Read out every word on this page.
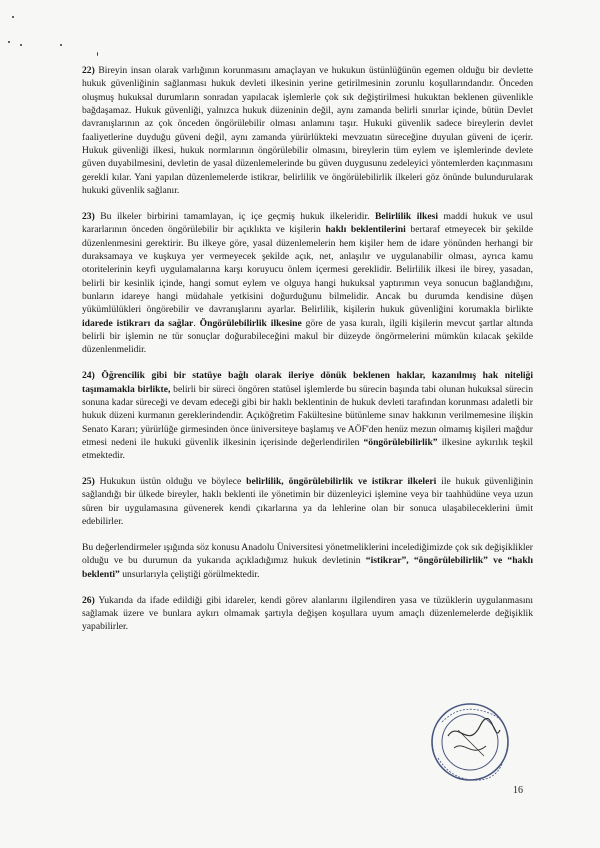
22) Bireyin insan olarak varlığının korunmasını amaçlayan ve hukukun üstünlüğünün egemen olduğu bir devlette hukuk güvenliğinin sağlanması hukuk devleti ilkesinin yerine getirilmesinin zorunlu koşullarındandır. Önceden oluşmuş hukuksal durumların sonradan yapılacak işlemlerle çok sık değiştirilmesi hukuktan beklenen güvenlikle bağdaşamaz. Hukuk güvenliği, yalnızca hukuk düzeninin değil, aynı zamanda belirli sınırlar içinde, bütün Devlet davranışlarının az çok önceden öngörülebilir olması anlamını taşır. Hukuki güvenlik sadece bireylerin devlet faaliyetlerine duyduğu güveni değil, aynı zamanda yürürlükteki mevzuatın süreceğine duyulan güveni de içerir. Hukuk güvenliği ilkesi, hukuk normlarının öngörülebilir olmasını, bireylerin tüm eylem ve işlemlerinde devlete güven duyabilmesini, devletin de yasal düzenlemelerinde bu güven duygusunu zedeleyici yöntemlerden kaçınmasını gerekli kılar. Yani yapılan düzenlemelerde istikrar, belirlilik ve öngörülebilirlik ilkeleri göz önünde bulundurularak hukuki güvenlik sağlanır.

23) Bu ilkeler birbirini tamamlayan, iç içe geçmiş hukuk ilkeleridir. Belirlilik ilkesi maddi hukuk ve usul kararlarının önceden öngörülebilir bir açıklıkta ve kişilerin haklı beklentilerini bertaraf etmeyecek bir şekilde düzenlenmesini gerektirir. Bu ilkeye göre, yasal düzenlemelerin hem kişiler hem de idare yönünden herhangi bir duraksamaya ve kuşkuya yer vermeyecek şekilde açık, net, anlaşılır ve uygulanabilir olması, ayrıca kamu otoritelerinin keyfi uygulamalarına karşı koruyucu önlem içermesi gereklidir. Belirlilik ilkesi ile birey, yasadan, belirli bir kesinlik içinde, hangi somut eylem ve olguya hangi hukuksal yaptırımın veya sonucun bağlandığını, bunların idareye hangi müdahale yetkisini doğurduğunu bilmelidir. Ancak bu durumda kendisine düşen yükümlülükleri öngörebilir ve davranışlarını ayarlar. Belirlilik, kişilerin hukuk güvenliğini korumakla birlikte idarede istikrarı da sağlar. Öngörülebilirlik ilkesine göre de yasa kuralı, ilgili kişilerin mevcut şartlar altında belirli bir işlemin ne tür sonuçlar doğurabileceğini makul bir düzeyde öngörmelerini mümkün kılacak şekilde düzenlenmelidir.

24) Öğrencilik gibi bir statüye bağlı olarak ileriye dönük beklenen haklar, kazanılmış hak niteliği taşımamakla birlikte, belirli bir süreci öngören statüsel işlemlerde bu sürecin başında tabi olunan hukuksal sürecin sonuna kadar süreceği ve devam edeceği gibi bir haklı beklentinin de hukuk devleti tarafından korunması adaletli bir hukuk düzeni kurmanın gereklerindendir. Açıköğretim Fakültesine bütünleme sınav hakkının verilmemesine ilişkin Senato Kararı; yürürlüğe girmesinden önce üniversiteye başlamış ve AÖF'den henüz mezun olmamış kişileri mağdur etmesi nedeni ile hukuki güvenlik ilkesinin içerisinde değerlendirilen “öngörülebilirlik” ilkesine aykırılık teşkil etmektedir.

25) Hukukun üstün olduğu ve böylece belirlilik, öngörülebilirlik ve istikrar ilkeleri ile hukuk güvenliğinin sağlandığı bir ülkede bireyler, haklı beklenti ile yönetimin bir düzenleyici işlemine veya bir taahhüdüne veya uzun süren bir uygulamasına güvenerek kendi çıkarlarına ya da lehlerine olan bir sonuca ulaşabileceklerini ümit edebilirler.

Bu değerlendirmeler ışığında söz konusu Anadolu Üniversitesi yönetmeliklerini incelediğimizde çok sık değişiklikler olduğu ve bu durumun da yukarıda açıkladığımız hukuk devletinin “istikrar”, “öngörülebilirlik” ve “haklı beklenti” unsurlarıyla çeliştiği görülmektedir.

26) Yukarıda da ifade edildiği gibi idareler, kendi görev alanlarını ilgilendiren yasa ve tüzüklerin uygulanmasını sağlamak üzere ve bunlara aykırı olmamak şartıyla değişen koşullara uyum amaçlı düzenlemelerde değişiklik yapabilirler.

16
